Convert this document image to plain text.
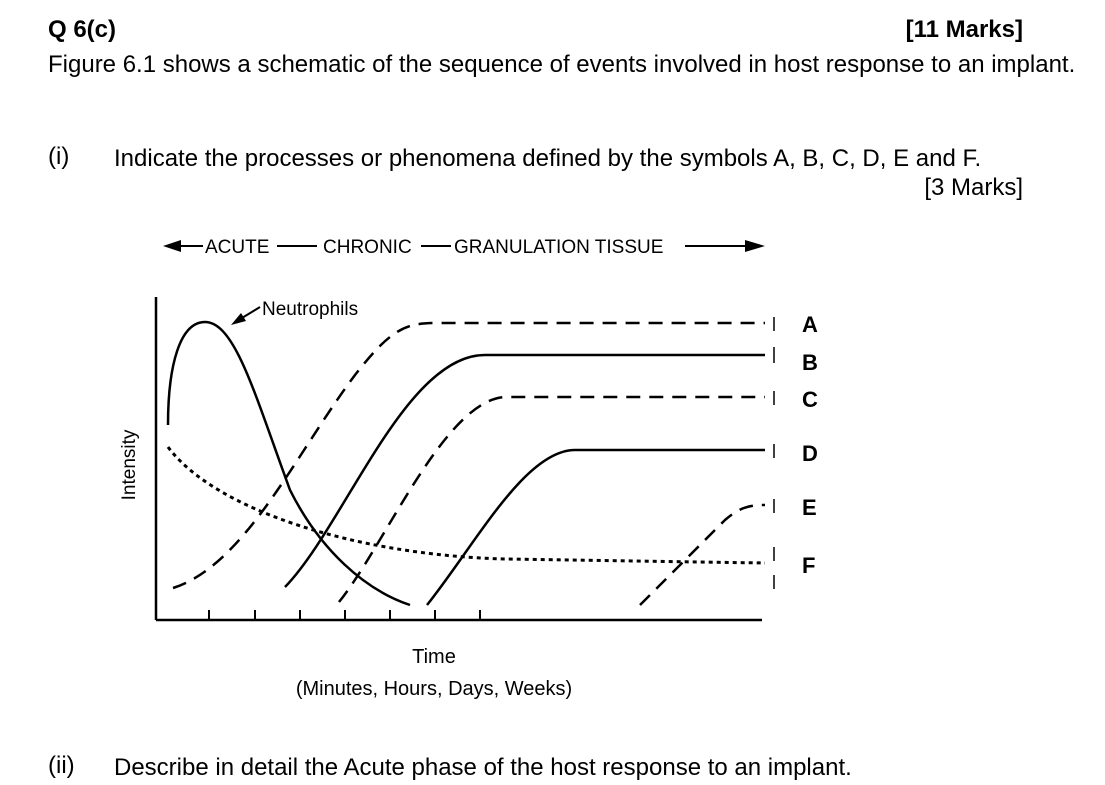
Q 6(c)	[11 Marks]
Figure 6.1 shows a schematic of the sequence of events involved in host response to an implant.
(i) Indicate the processes or phenomena defined by the symbols A, B, C, D, E and F.
[3 Marks]
ACUTE	CHRONIC GRANULATION TISSUE
Intensity
Time
(Minutes, Hours, Days, Weeks)
Neutrophils
A
B
C
D
E
F
(ii) Describe in detail the Acute phase of the host response to an implant.
